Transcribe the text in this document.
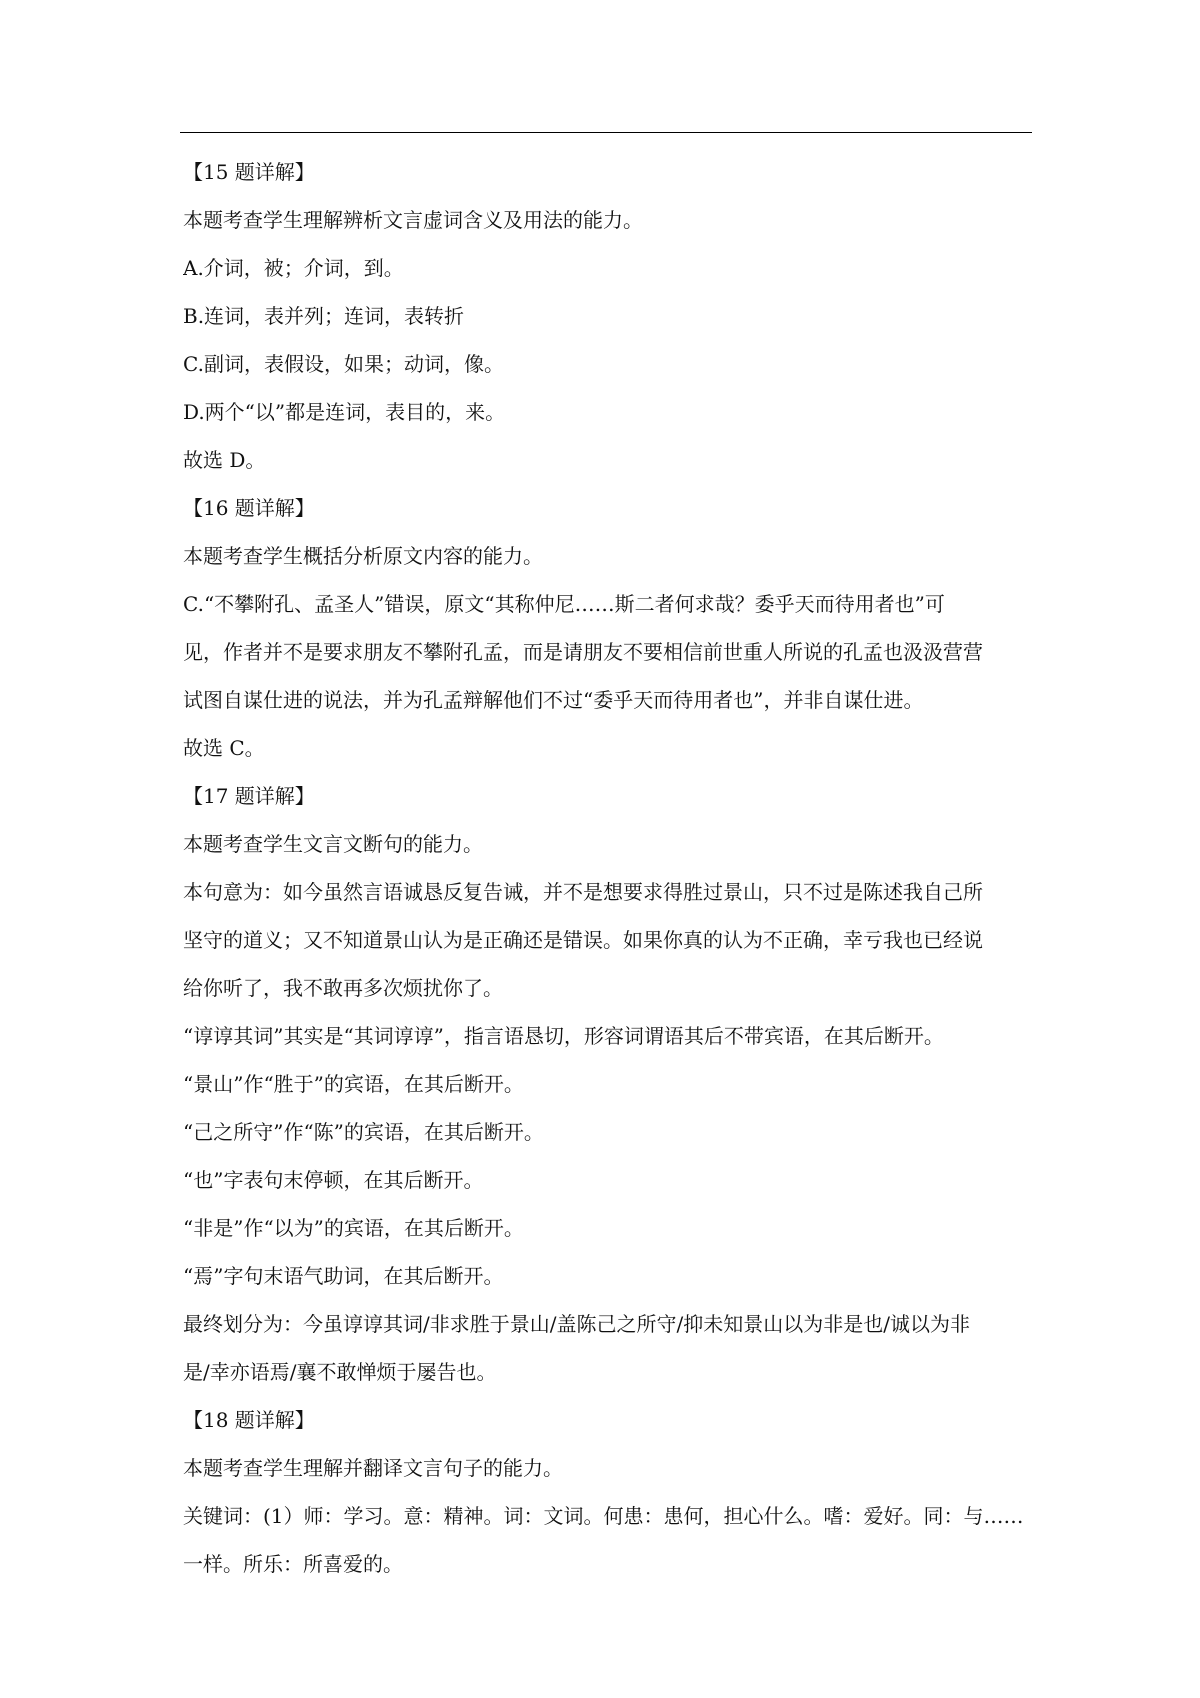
【15 题详解】
本题考查学生理解辨析文言虚词含义及用法的能力。
A.介词，被；介词，到。
B.连词，表并列；连词，表转折
C.副词，表假设，如果；动词，像。
D.两个“以”都是连词，表目的，来。
故选 D。
【16 题详解】
本题考查学生概括分析原文内容的能力。
C.“不攀附孔、孟圣人”错误，原文“其称仲尼……斯二者何求哉？委乎天而待用者也”可
见，作者并不是要求朋友不攀附孔孟，而是请朋友不要相信前世重人所说的孔孟也汲汲营营
试图自谋仕进的说法，并为孔孟辩解他们不过“委乎天而待用者也”，并非自谋仕进。
故选 C。
【17 题详解】
本题考查学生文言文断句的能力。
本句意为：如今虽然言语诚恳反复告诫，并不是想要求得胜过景山，只不过是陈述我自己所
坚守的道义；又不知道景山认为是正确还是错误。如果你真的认为不正确，幸亏我也已经说
给你听了，我不敢再多次烦扰你了。
“谆谆其词”其实是“其词谆谆”，指言语恳切，形容词谓语其后不带宾语，在其后断开。
“景山”作“胜于”的宾语，在其后断开。
“己之所守”作“陈”的宾语，在其后断开。
“也”字表句末停顿，在其后断开。
“非是”作“以为”的宾语，在其后断开。
“焉”字句末语气助词，在其后断开。
最终划分为：今虽谆谆其词/非求胜于景山/盖陈己之所守/抑未知景山以为非是也/诚以为非
是/幸亦语焉/襄不敢惮烦于屡告也。
【18 题详解】
本题考查学生理解并翻译文言句子的能力。
关键词：(1）师：学习。意：精神。词：文词。何患：患何，担心什么。嗜：爱好。同：与……
一样。所乐：所喜爱的。
